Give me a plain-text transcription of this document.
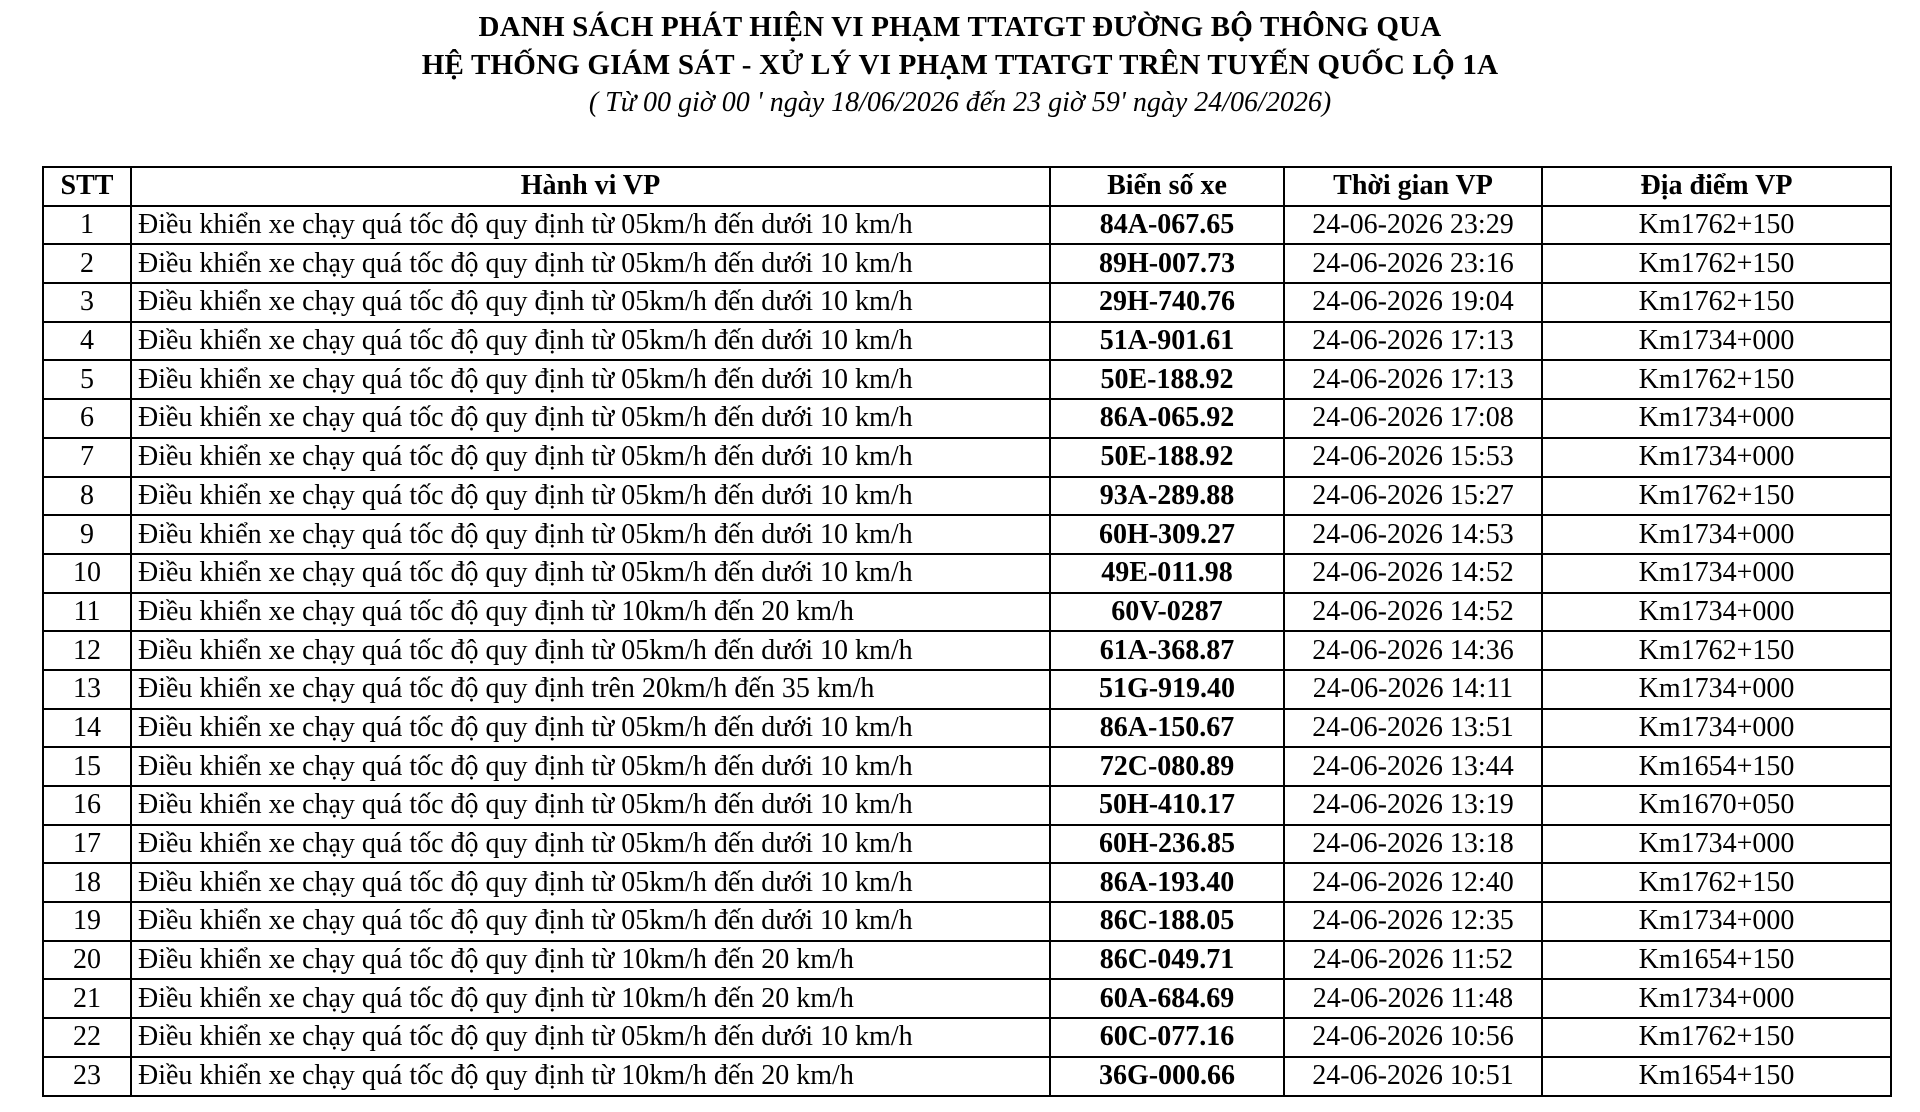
DANH SÁCH PHÁT HIỆN VI PHẠM TTATGT ĐƯỜNG BỘ THÔNG QUA

HỆ THỐNG GIÁM SÁT - XỬ LÝ VI PHẠM TTATGT TRÊN TUYẾN QUỐC LỘ 1A

( Từ 00 giờ 00 ' ngày 18/06/2026 đến 23 giờ 59' ngày 24/06/2026)

STT	Hành vi VP	Biển số xe	Thời gian VP	Địa điểm VP
1	Điều khiển xe chạy quá tốc độ quy định từ 05km/h đến dưới 10 km/h	84A-067.65	24-06-2026 23:29	Km1762+150
2	Điều khiển xe chạy quá tốc độ quy định từ 05km/h đến dưới 10 km/h	89H-007.73	24-06-2026 23:16	Km1762+150
3	Điều khiển xe chạy quá tốc độ quy định từ 05km/h đến dưới 10 km/h	29H-740.76	24-06-2026 19:04	Km1762+150
4	Điều khiển xe chạy quá tốc độ quy định từ 05km/h đến dưới 10 km/h	51A-901.61	24-06-2026 17:13	Km1734+000
5	Điều khiển xe chạy quá tốc độ quy định từ 05km/h đến dưới 10 km/h	50E-188.92	24-06-2026 17:13	Km1762+150
6	Điều khiển xe chạy quá tốc độ quy định từ 05km/h đến dưới 10 km/h	86A-065.92	24-06-2026 17:08	Km1734+000
7	Điều khiển xe chạy quá tốc độ quy định từ 05km/h đến dưới 10 km/h	50E-188.92	24-06-2026 15:53	Km1734+000
8	Điều khiển xe chạy quá tốc độ quy định từ 05km/h đến dưới 10 km/h	93A-289.88	24-06-2026 15:27	Km1762+150
9	Điều khiển xe chạy quá tốc độ quy định từ 05km/h đến dưới 10 km/h	60H-309.27	24-06-2026 14:53	Km1734+000
10	Điều khiển xe chạy quá tốc độ quy định từ 05km/h đến dưới 10 km/h	49E-011.98	24-06-2026 14:52	Km1734+000
11	Điều khiển xe chạy quá tốc độ quy định từ 10km/h đến 20 km/h	60V-0287	24-06-2026 14:52	Km1734+000
12	Điều khiển xe chạy quá tốc độ quy định từ 05km/h đến dưới 10 km/h	61A-368.87	24-06-2026 14:36	Km1762+150
13	Điều khiển xe chạy quá tốc độ quy định trên 20km/h đến 35 km/h	51G-919.40	24-06-2026 14:11	Km1734+000
14	Điều khiển xe chạy quá tốc độ quy định từ 05km/h đến dưới 10 km/h	86A-150.67	24-06-2026 13:51	Km1734+000
15	Điều khiển xe chạy quá tốc độ quy định từ 05km/h đến dưới 10 km/h	72C-080.89	24-06-2026 13:44	Km1654+150
16	Điều khiển xe chạy quá tốc độ quy định từ 05km/h đến dưới 10 km/h	50H-410.17	24-06-2026 13:19	Km1670+050
17	Điều khiển xe chạy quá tốc độ quy định từ 05km/h đến dưới 10 km/h	60H-236.85	24-06-2026 13:18	Km1734+000
18	Điều khiển xe chạy quá tốc độ quy định từ 05km/h đến dưới 10 km/h	86A-193.40	24-06-2026 12:40	Km1762+150
19	Điều khiển xe chạy quá tốc độ quy định từ 05km/h đến dưới 10 km/h	86C-188.05	24-06-2026 12:35	Km1734+000
20	Điều khiển xe chạy quá tốc độ quy định từ 10km/h đến 20 km/h	86C-049.71	24-06-2026 11:52	Km1654+150
21	Điều khiển xe chạy quá tốc độ quy định từ 10km/h đến 20 km/h	60A-684.69	24-06-2026 11:48	Km1734+000
22	Điều khiển xe chạy quá tốc độ quy định từ 05km/h đến dưới 10 km/h	60C-077.16	24-06-2026 10:56	Km1762+150
23	Điều khiển xe chạy quá tốc độ quy định từ 10km/h đến 20 km/h	36G-000.66	24-06-2026 10:51	Km1654+150
